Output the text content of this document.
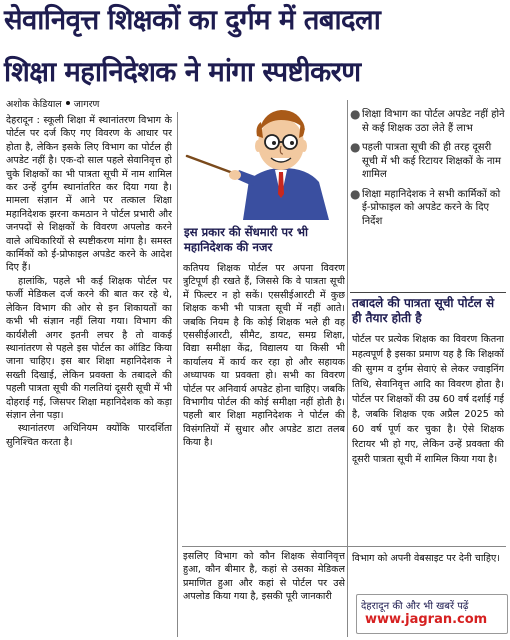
सेवानिवृत्त शिक्षकों का दुर्गम में तबादला
शिक्षा महानिदेशक ने मांगा स्पष्टीकरण
अशोक केडियाल जागरण

देहरादून : स्कूली शिक्षा में स्थानांतरण विभाग के पोर्टल पर दर्ज किए गए विवरण के आधार पर होता है, लेकिन इसके लिए विभाग का पोर्टल ही अपडेट नहीं है। एक-दो साल पहले सेवानिवृत्त हो चुके शिक्षकों का भी पात्रता सूची में नाम शामिल कर उन्हें दुर्गम स्थानांतरित कर दिया गया है। मामला संज्ञान में आने पर तत्काल शिक्षा महानिदेशक झरना कमठान ने पोर्टल प्रभारी और जनपदों से शिक्षकों के विवरण अपलोड करने वाले अधिकारियों से स्पष्टीकरण मांगा है। समस्त कार्मिकों को ई-प्रोफाइल अपडेट करने के आदेश दिए हैं।

हालांकि, पहले भी कई शिक्षक पोर्टल पर फर्जी मेडिकल दर्ज करने की बात कर रहे थे, लेकिन विभाग की ओर से इन शिकायतों का कभी भी संज्ञान नहीं लिया गया। विभाग की कार्यशैली अगर इतनी लचर है तो वाकई स्थानांतरण से पहले इस पोर्टल का ऑडिट किया जाना चाहिए। इस बार शिक्षा महानिदेशक ने सख्ती दिखाई, लेकिन प्रवक्ता के तबादले की पहली पात्रता सूची की गलतियां दूसरी सूची में भी दोहराई गई, जिसपर शिक्षा महानिदेशक को कड़ा संज्ञान लेना पड़ा।

स्थानांतरण अधिनियम क्योंकि पारदर्शिता सुनिश्चित करता है।

इस प्रकार की सेंधमारी पर भी महानिदेशक की नजर

कतिपय शिक्षक पोर्टल पर अपना विवरण त्रुटिपूर्ण ही रखते हैं, जिससे कि वे पात्रता सूची में फिल्टर न हो सकें। एससीईआरटी में कुछ शिक्षक कभी भी पात्रता सूची में नहीं आते। जबकि नियम है कि कोई शिक्षक भले ही वह एससीईआरटी, सीमैट, डायट, समग्र शिक्षा, विद्या समीक्षा केंद्र, विद्यालय या किसी भी कार्यालय में कार्य कर रहा हो और सहायक अध्यापक या प्रवक्ता हो। सभी का विवरण पोर्टल पर अनिवार्य अपडेट होना चाहिए। जबकि विभागीय पोर्टल की कोई समीक्षा नहीं होती है। पहली बार शिक्षा महानिदेशक ने पोर्टल की विसंगतियों में सुधार और अपडेट डाटा तलब किया है।

● शिक्षा विभाग का पोर्टल अपडेट नहीं होने से कई शिक्षक उठा लेते हैं लाभ
● पहली पात्रता सूची की ही तरह दूसरी सूची में भी कई रिटायर शिक्षकों के नाम शामिल
● शिक्षा महानिदेशक ने सभी कार्मिकों को ई-प्रोफाइल को अपडेट करने के दिए निर्देश
तबादले की पात्रता सूची पोर्टल से ही तैयार होती है

पोर्टल पर प्रत्येक शिक्षक का विवरण कितना महत्वपूर्ण है इसका प्रमाण यह है कि शिक्षकों की सुगम व दुर्गम सेवाएं से लेकर ज्वाइनिंग तिथि, सेवानिवृत्त आदि का विवरण होता है। पोर्टल पर शिक्षकों की उम्र 60 वर्ष दर्शाई गई है, जबकि शिक्षक एक अप्रैल 2025 को 60 वर्ष पूर्ण कर चुका है। ऐसे शिक्षक रिटायर भी हो गए, लेकिन उन्हें प्रवक्ता की दूसरी पात्रता सूची में शामिल किया गया है।

इसलिए विभाग को कौन शिक्षक सेवानिवृत्त हुआ, कौन बीमार है, कहां से उसका मेडिकल प्रमाणित हुआ और कहां से पोर्टल पर उसे अपलोड किया गया है, इसकी पूरी जानकारी

विभाग को अपनी वेबसाइट पर देनी चाहिए।

देहरादून की और भी खबरें पढ़ें
www.jagran.com
